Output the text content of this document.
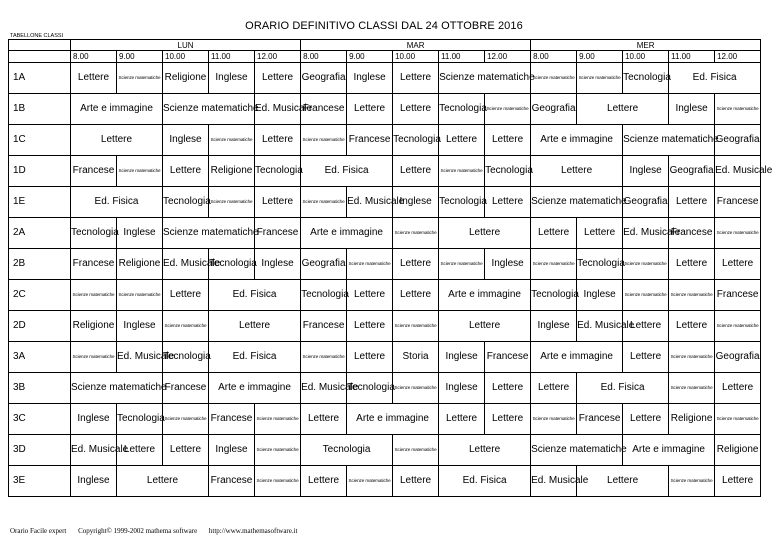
ORARIO DEFINITIVO CLASSI DAL 24 OTTOBRE 2016
TABELLONE CLASSI
	LUN					MAR					MER				
	8.00	9.00	10.00	11.00	12.00	8.00	9.00	10.00	11.00	12.00	8.00	9.00	10.00	11.00	12.00
1A	Lettere	Scienze matematiche	Religione	Inglese	Lettere	Geografia	Inglese	Lettere	Scienze matematiche		Scienze matematiche	Scienze matematiche	Tecnologia	Ed. Fisica	
1B	Arte e immagine		Scienze matematiche		Ed. Musicale	Francese	Lettere	Lettere	Tecnologia	Scienze matematiche	Geografia	Lettere		Inglese	Scienze matematiche
1C	Lettere		Inglese	Scienze matematiche	Lettere	Scienze matematiche	Francese	Tecnologia	Lettere	Lettere	Arte e immagine		Scienze matematiche		Geografia
1D	Francese	Scienze matematiche	Lettere	Religione	Tecnologia	Ed. Fisica		Lettere	Scienze matematiche	Tecnologia	Lettere		Inglese	Geografia	Ed. Musicale
1E	Ed. Fisica		Tecnologia	Scienze matematiche	Lettere	Scienze matematiche	Ed. Musicale	Inglese	Tecnologia	Lettere	Scienze matematiche		Geografia	Lettere	Francese
2A	Tecnologia	Inglese	Scienze matematiche		Francese	Arte e immagine		Scienze matematiche	Lettere		Lettere	Lettere	Ed. Musicale	Francese	Scienze matematiche
2B	Francese	Religione	Ed. Musicale	Tecnologia	Inglese	Geografia	Scienze matematiche	Lettere	Scienze matematiche	Inglese	Scienze matematiche	Tecnologia	Scienze matematiche	Lettere	Lettere
2C	Scienze matematiche	Scienze matematiche	Lettere	Ed. Fisica		Tecnologia	Lettere	Lettere	Arte e immagine		Tecnologia	Inglese	Scienze matematiche	Scienze matematiche	Francese
2D	Religione	Inglese	Scienze matematiche	Lettere		Francese	Lettere	Scienze matematiche	Lettere		Inglese	Ed. Musicale	Lettere	Lettere	Scienze matematiche
3A	Scienze matematiche	Ed. Musicale	Tecnologia	Ed. Fisica		Scienze matematiche	Lettere	Storia	Inglese	Francese	Arte e immagine		Lettere	Scienze matematiche	Geografia
3B	Scienze matematiche		Francese	Arte e immagine		Ed. Musicale	Tecnologia	Scienze matematiche	Inglese	Lettere	Lettere	Ed. Fisica		Scienze matematiche	Lettere
3C	Inglese	Tecnologia	Scienze matematiche	Francese	Scienze matematiche	Lettere	Arte e immagine		Lettere	Lettere	Scienze matematiche	Francese	Lettere	Religione	Scienze matematiche
3D	Ed. Musicale	Lettere	Lettere	Inglese	Scienze matematiche	Tecnologia		Scienze matematiche	Lettere		Scienze matematiche		Arte e immagine		Religione
3E	Inglese	Lettere		Francese	Scienze matematiche	Lettere	Scienze matematiche	Lettere	Ed. Fisica		Ed. Musicale	Lettere		Scienze matematiche	Lettere
Orario Facile expert Copyright© 1999-2002 mathema software http://www.mathemasoftware.it
